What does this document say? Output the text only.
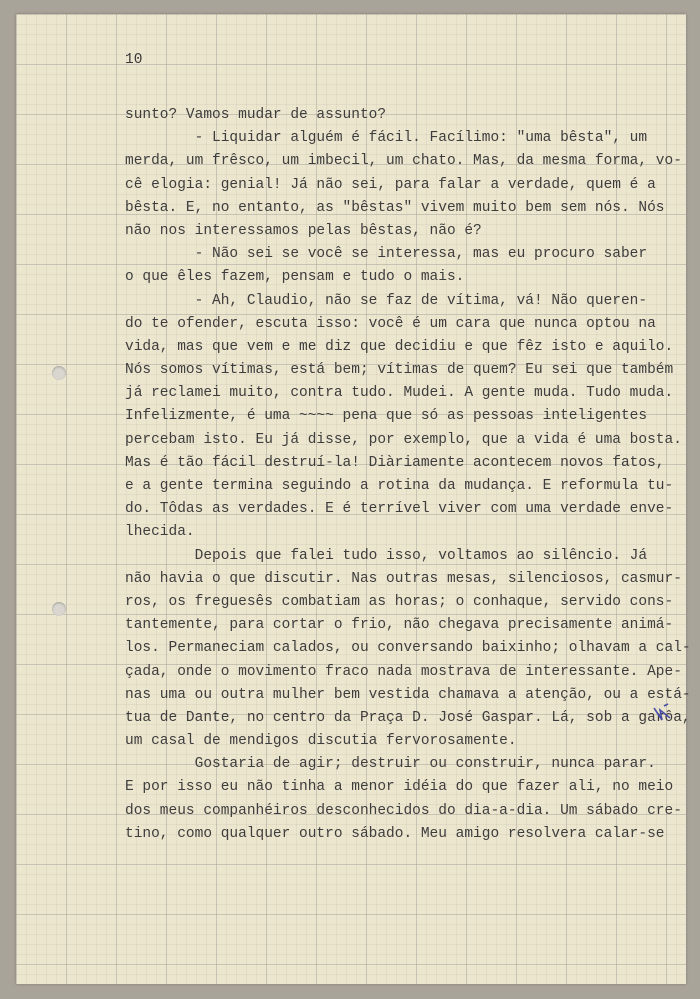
10
sunto? Vamos mudar de assunto?
- Liquidar alguém é fácil. Facílimo: "uma bêsta", um
merda, um frêsco, um imbecil, um chato. Mas, da mesma forma, vo-
cê elogia: genial! Já não sei, para falar a verdade, quem é a
bêsta. E, no entanto, as "bêstas" vivem muito bem sem nós. Nós
não nos interessamos pelas bêstas, não é?
- Não sei se você se interessa, mas eu procuro saber
o que êles fazem, pensam e tudo o mais.
- Ah, Claudio, não se faz de vítima, vá! Não queren-
do te ofender, escuta isso: você é um cara que nunca optou na
vida, mas que vem e me diz que decidiu e que fêz isto e aquilo.
Nós somos vítimas, está bem; vítimas de quem? Eu sei que também
já reclamei muito, contra tudo. Mudei. A gente muda. Tudo muda.
Infelizmente, é uma ~~~~ pena que só as pessoas inteligentes
percebam isto. Eu já disse, por exemplo, que a vida é uma bosta.
Mas é tão fácil destruí-la! Diàriamente acontecem novos fatos,
e a gente termina seguindo a rotina da mudança. E reformula tu-
do. Tôdas as verdades. E é terrível viver com uma verdade enve-
lhecida.
Depois que falei tudo isso, voltamos ao silêncio. Já
não havia o que discutir. Nas outras mesas, silenciosos, casmur-
ros, os freguesês combatiam as horas; o conhaque, servido cons-
tantemente, para cortar o frio, não chegava precisamente animá-
los. Permaneciam calados, ou conversando baixinho; olhavam a cal-
çada, onde o movimento fraco nada mostrava de interessante. Ape-
nas uma ou outra mulher bem vestida chamava a atenção, ou a está-
tua de Dante, no centro da Praça D. José Gaspar. Lá, sob a garôa,
um casal de mendigos discutia fervorosamente.
Gostaria de agir; destruir ou construir, nunca parar.
E por isso eu não tinha a menor idéia do que fazer ali, no meio
dos meus companhéiros desconhecidos do dia-a-dia. Um sábado cre-
tino, como qualquer outro sábado. Meu amigo resolvera calar-se
